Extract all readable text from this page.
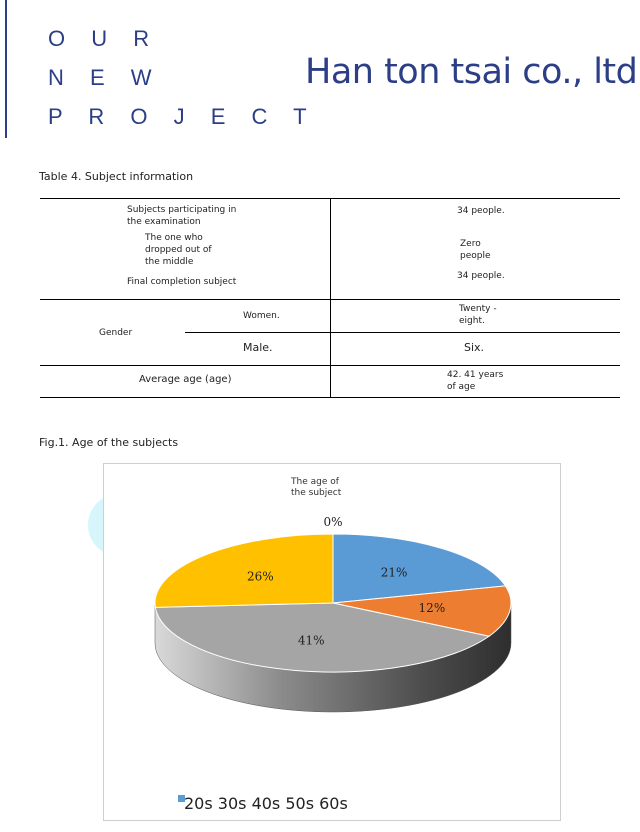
O U R
N E W
P R O J E C T
Han ton tsai co., ltd
Table 4. Subject information
Subjects participating in the examination
34 people.
The one who dropped out of the middle
Zero people
Final completion subject
34 people.
Gender
Women.
Twenty -eight.
Male.	Six.
Average age (age)	42. 41 years of age
Fig.1. Age of the subjects
The age of
the subject
21%
12%
41%
26%
0%
20s 30s 40s 50s 60s
